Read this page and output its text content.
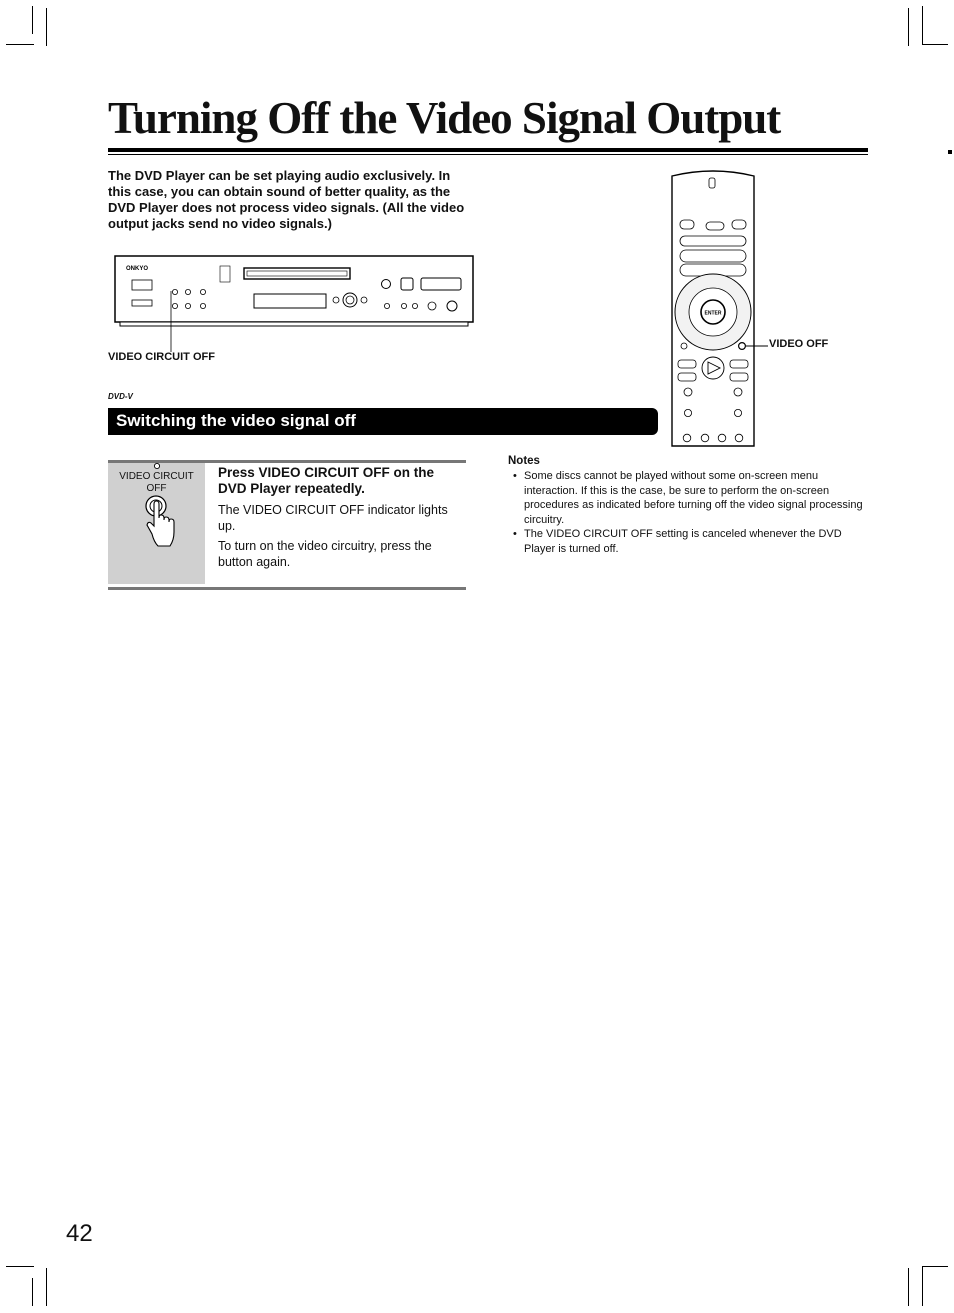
Turning Off the Video Signal Output
The DVD Player can be set playing audio exclusively. In this case, you can obtain sound of better quality, as the DVD Player does not process video signals. (All the video output jacks send no video signals.)
ONKYO
VIDEO CIRCUIT OFF
ENTER
VIDEO OFF
DVD-V
Switching the video signal off
VIDEO CIRCUIT OFF
Press VIDEO CIRCUIT OFF on the DVD Player repeatedly.
The VIDEO CIRCUIT OFF indicator lights up.
To turn on the video circuitry, press the button again.
Notes
• Some discs cannot be played without some on-screen menu interaction. If this is the case, be sure to perform the on-screen procedures as indicated before turning off the video signal processing circuitry.
• The VIDEO CIRCUIT OFF setting is canceled whenever the DVD Player is turned off.
42
